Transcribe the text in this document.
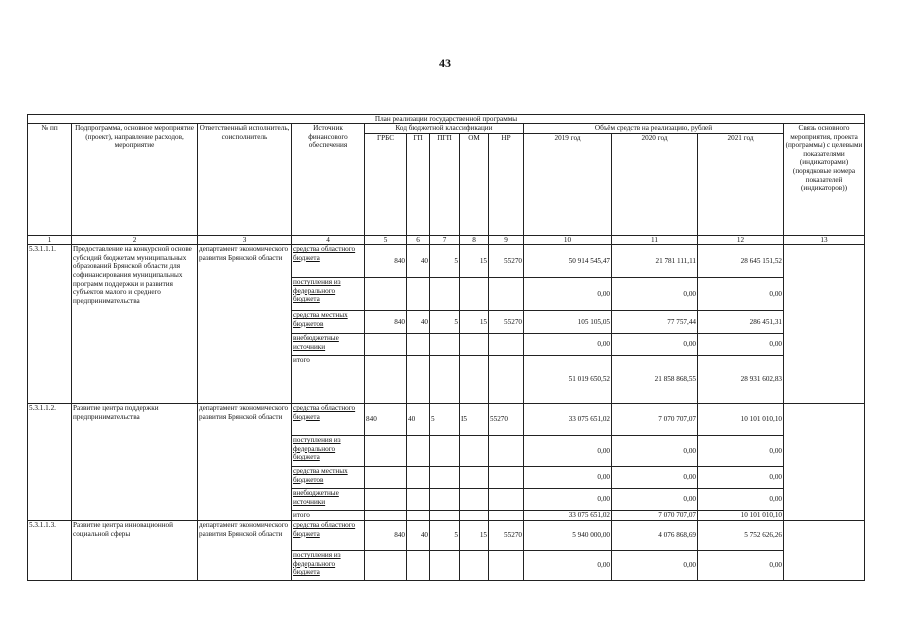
43
План реализации государственной программы												
№ пп	Подпрограмма, основное мероприятие (проект), направление расходов, мероприятие	Ответственный исполнитель, соисполнитель	Источник финансового обеспечения	Код бюджетной классификации					Объём средств на реализацию, рублей			Связь основного мероприятия, проекта (программы) с целевыми показателями (индикаторами) (порядковые номера показателей (индикаторов))
				ГРБС	ГП	ПГП	ОМ	НР	2019 год	2020 год	2021 год	
1	2	3	4	5	6	7	8	9	10	11	12	13
5.3.1.1.1.	Предоставление на конкурсной основе субсидий бюджетам муниципальных образований Брянской области для софинансирования муниципальных программ поддержки и развития субъектов малого и среднего предпринимательства	департамент экономического развития Брянской области	средства областного бюджета	840	40	5	15	55270	50 914 545,47	21 781 111,11	28 645 151,52	
			поступления из федерального бюджета						0,00	0,00	0,00	
			средства местных бюджетов	840	40	5	15	55270	105 105,05	77 757,44	286 451,31	
			внебюджетные источники						0,00	0,00	0,00	
			итого						51 019 650,52	21 858 868,55	28 931 602,83	
5.3.1.1.2.	Развитие центра поддержки предпринимательства	департамент экономического развития Брянской области	средства областного бюджета	840	40	5	I5	55270	33 075 651,02	7 070 707,07	10 101 010,10	
			поступления из федерального бюджета						0,00	0,00	0,00	
			средства местных бюджетов						0,00	0,00	0,00	
			внебюджетные источники						0,00	0,00	0,00	
			итого						33 075 651,02	7 070 707,07	10 101 010,10	
5.3.1.1.3.	Развитие центра инновационной социальной сферы	департамент экономического развития Брянской области	средства областного бюджета	840	40	5	15	55270	5 940 000,00	4 076 868,69	5 752 626,26	
			поступления из федерального бюджета						0,00	0,00	0,00	
